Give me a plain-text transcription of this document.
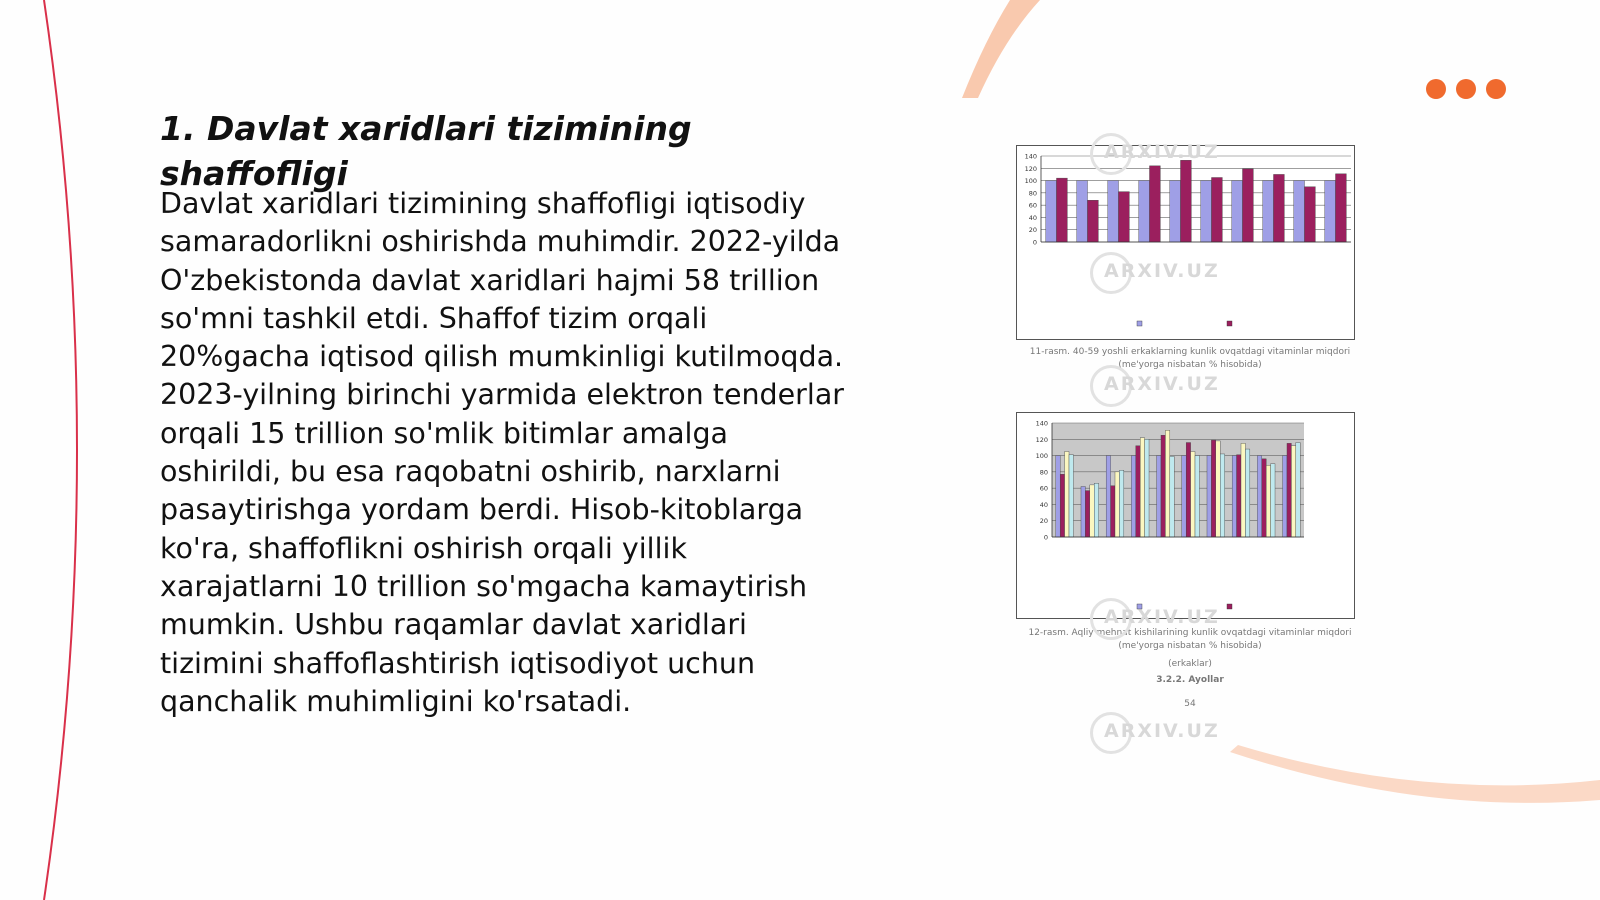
1. Davlat xaridlari tizimining shaffofligi

Davlat xaridlari tizimining shaffofligi iqtisodiy samaradorlikni oshirishda muhimdir. 2022-yilda O'zbekistonda davlat xaridlari hajmi 58 trillion so'mni tashkil etdi. Shaffof tizim orqali 20%gacha iqtisod qilish mumkinligi kutilmoqda. 2023-yilning birinchi yarmida elektron tenderlar orqali 15 trillion so'mlik bitimlar amalga oshirildi, bu esa raqobatni oshirib, narxlarni pasaytirishga yordam berdi. Hisob-kitoblarga ko'ra, shaffoflikni oshirish orqali yillik xarajatlarni 10 trillion so'mgacha kamaytirish mumkin. Ushbu raqamlar davlat xaridlari tizimini shaffoflashtirish iqtisodiyot uchun qanchalik muhimligini ko'rsatadi.

0
20
40
60
80
100
120
140
11-rasm. 40-59 yoshli erkaklarning kunlik ovqatdagi vitaminlar miqdori (me'yorga nisbatan % hisobida)
0
20
40
60
80
100
120
140
12-rasm. Aqliy mehnat kishilarining kunlik ovqatdagi vitaminlar miqdori (me'yorga nisbatan % hisobida)
(erkaklar)
3.2.2. Ayollar
54
ARXIV.UZ
ARXIV.UZ
ARXIV.UZ
ARXIV.UZ
ARXIV.UZ
